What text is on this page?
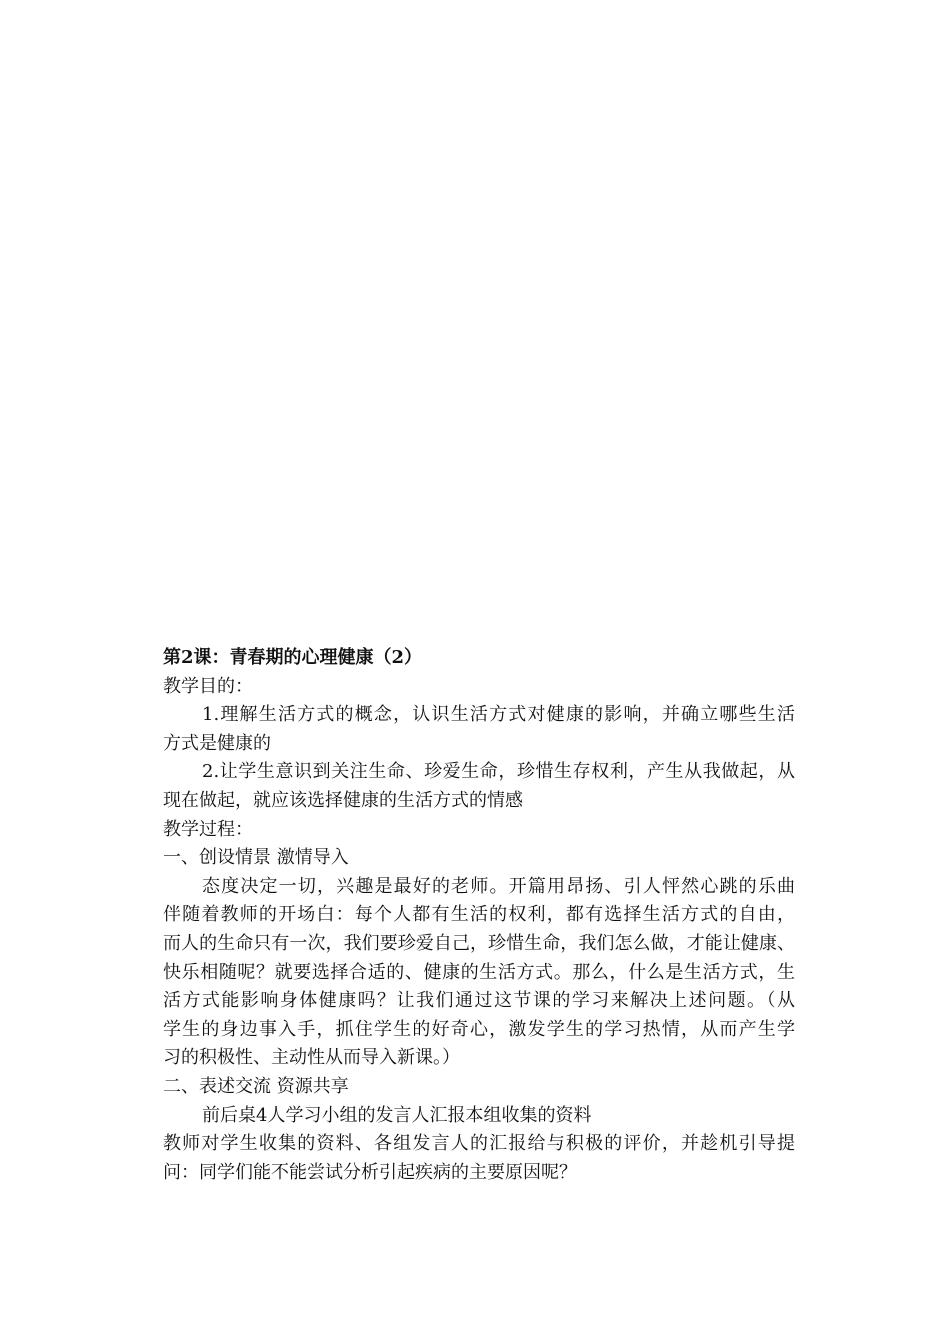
第2课：青春期的心理健康（2）
教学目的：
1.理解生活方式的概念，认识生活方式对健康的影响，并确立哪些生活
方式是健康的
2.让学生意识到关注生命、珍爱生命，珍惜生存权利，产生从我做起，从
现在做起，就应该选择健康的生活方式的情感
教学过程：
一、创设情景 激情导入
态度决定一切，兴趣是最好的老师。开篇用昂扬、引人怦然心跳的乐曲
伴随着教师的开场白：每个人都有生活的权利，都有选择生活方式的自由，
而人的生命只有一次，我们要珍爱自己，珍惜生命，我们怎么做，才能让健康、
快乐相随呢？就要选择合适的、健康的生活方式。那么，什么是生活方式，生
活方式能影响身体健康吗？让我们通过这节课的学习来解决上述问题。（从
学生的身边事入手，抓住学生的好奇心，激发学生的学习热情，从而产生学
习的积极性、主动性从而导入新课。）
二、表述交流 资源共享
前后桌4人学习小组的发言人汇报本组收集的资料
教师对学生收集的资料、各组发言人的汇报给与积极的评价，并趁机引导提
问：同学们能不能尝试分析引起疾病的主要原因呢？
